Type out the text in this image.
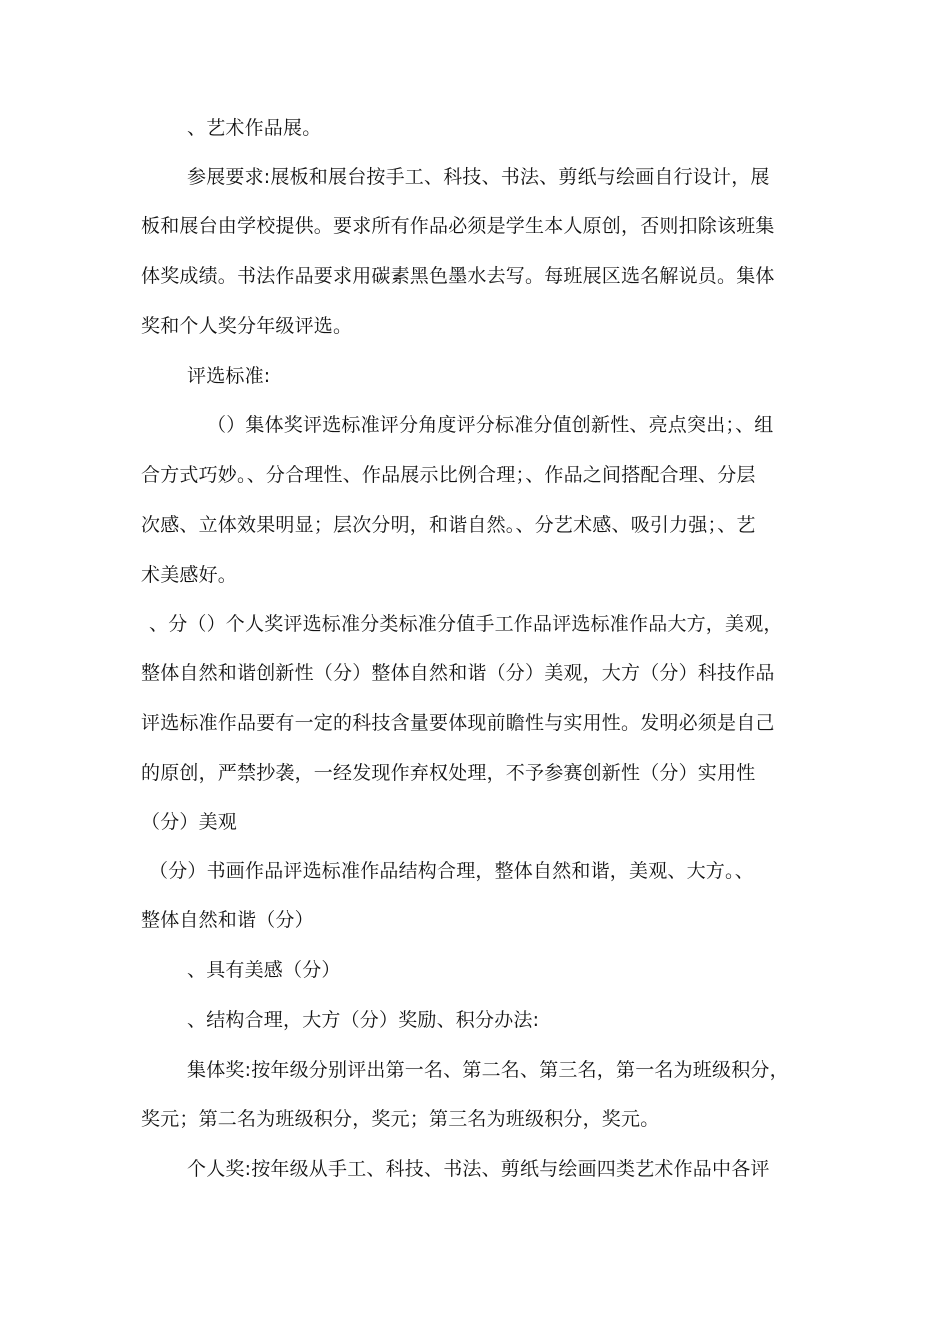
、艺术作品展。
参展要求:展板和展台按手工、科技、书法、剪纸与绘画自行设计，展
板和展台由学校提供。要求所有作品必须是学生本人原创，否则扣除该班集
体奖成绩。书法作品要求用碳素黑色墨水去写。每班展区选名解说员。集体
奖和个人奖分年级评选。
评选标准:
（）集体奖评选标准评分角度评分标准分值创新性、亮点突出；、组
合方式巧妙。、分合理性、作品展示比例合理；、作品之间搭配合理、分层
次感、立体效果明显；层次分明，和谐自然。、分艺术感、吸引力强；、艺
术美感好。
、分（）个人奖评选标准分类标准分值手工作品评选标准作品大方，美观，
整体自然和谐创新性（分）整体自然和谐（分）美观，大方（分）科技作品
评选标准作品要有一定的科技含量要体现前瞻性与实用性。发明必须是自己
的原创，严禁抄袭，一经发现作弃权处理，不予参赛创新性（分）实用性
（分）美观
（分）书画作品评选标准作品结构合理，整体自然和谐，美观、大方。、
整体自然和谐（分）
、具有美感（分）
、结构合理，大方（分）奖励、积分办法:
集体奖:按年级分别评出第一名、第二名、第三名，第一名为班级积分，
奖元；第二名为班级积分，奖元；第三名为班级积分，奖元。
个人奖:按年级从手工、科技、书法、剪纸与绘画四类艺术作品中各评
